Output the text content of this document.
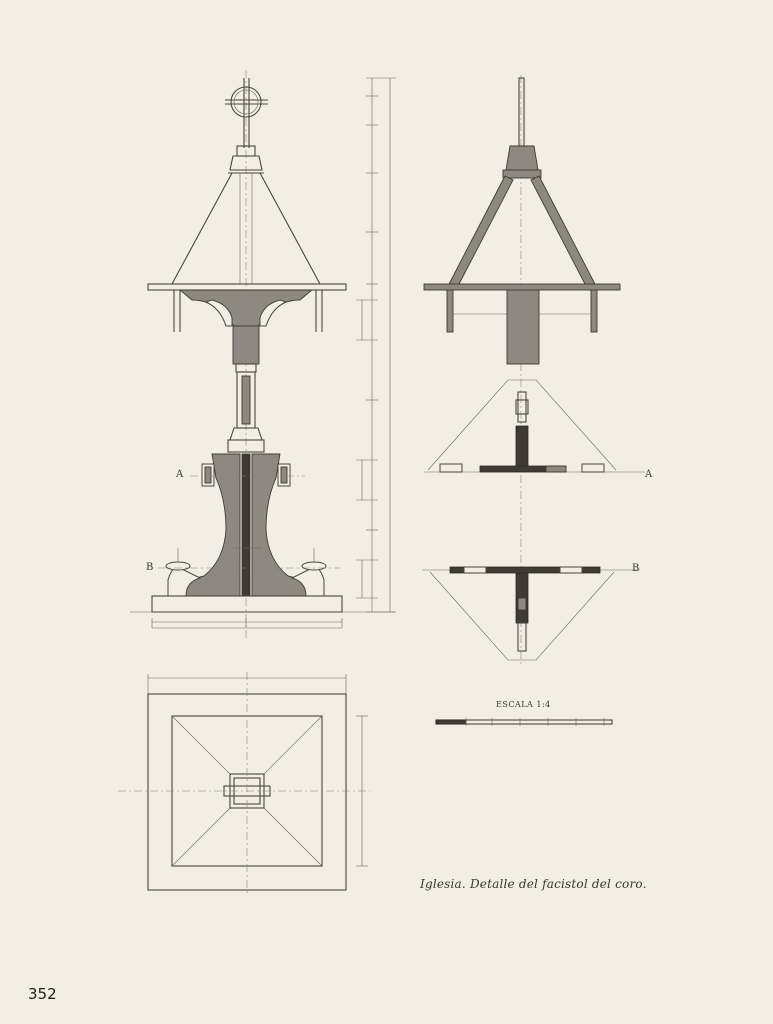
A	A
B	B
ESCALA 1:4
Iglesia. Detalle del facistol del coro.
352
